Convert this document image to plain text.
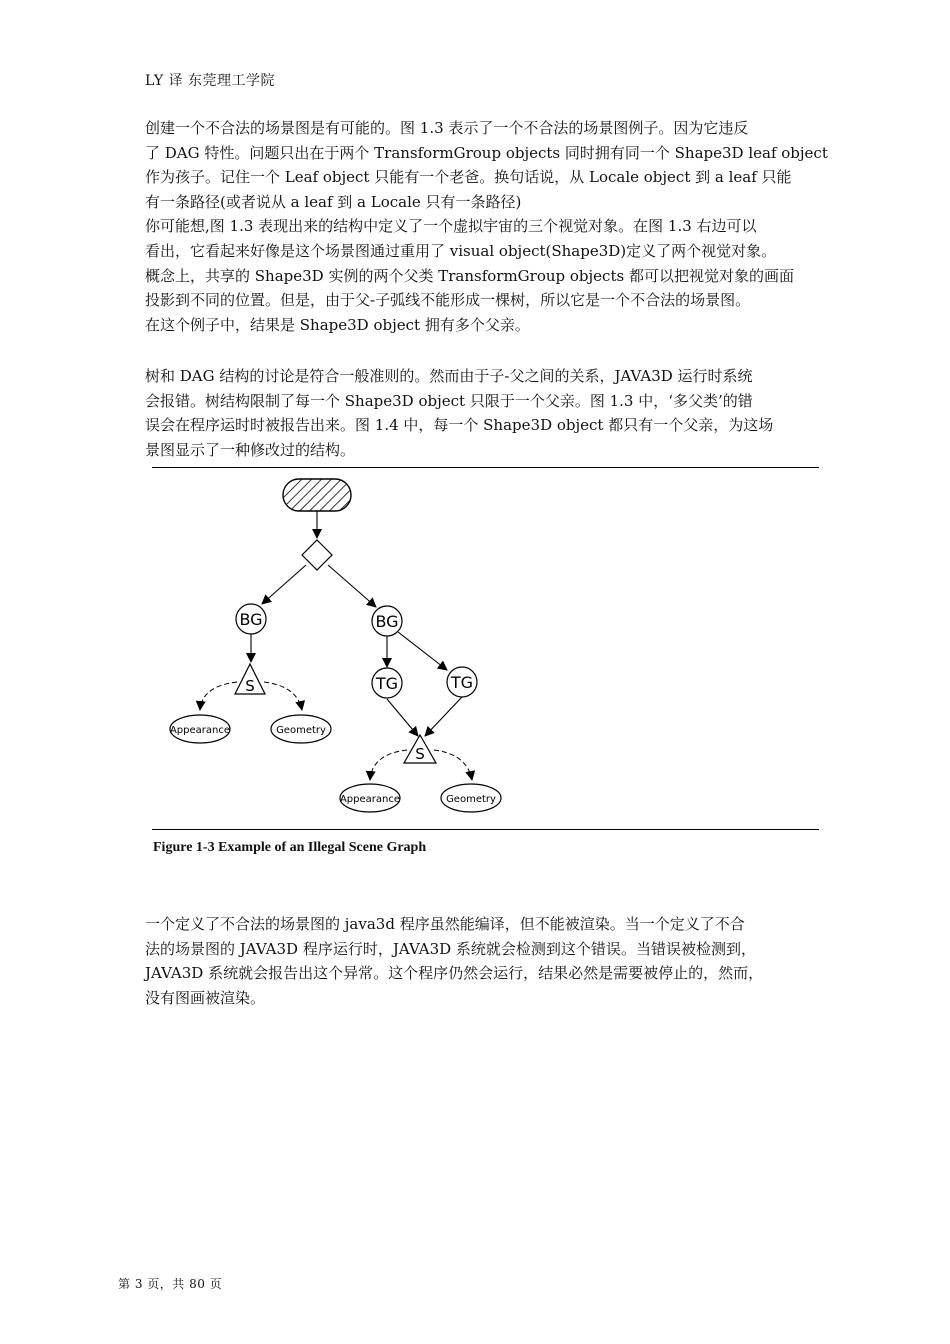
LY 译 东莞理工学院
创建一个不合法的场景图是有可能的。图 1.3 表示了一个不合法的场景图例子。因为它违反
了 DAG 特性。问题只出在于两个 TransformGroup objects 同时拥有同一个 Shape3D leaf object
作为孩子。记住一个 Leaf object 只能有一个老爸。换句话说，从 Locale object 到 a leaf 只能
有一条路径(或者说从 a leaf 到 a Locale 只有一条路径)
你可能想,图 1.3 表现出来的结构中定义了一个虚拟宇宙的三个视觉对象。在图 1.3 右边可以
看出，它看起来好像是这个场景图通过重用了 visual object(Shape3D)定义了两个视觉对象。
概念上，共享的 Shape3D 实例的两个父类 TransformGroup objects 都可以把视觉对象的画面
投影到不同的位置。但是，由于父-子弧线不能形成一棵树，所以它是一个不合法的场景图。
在这个例子中，结果是 Shape3D object 拥有多个父亲。
树和 DAG 结构的讨论是符合一般准则的。然而由于子-父之间的关系，JAVA3D 运行时系统
会报错。树结构限制了每一个 Shape3D object 只限于一个父亲。图 1.3 中，‘多父类’的错
误会在程序运时时被报告出来。图 1.4 中，每一个 Shape3D object 都只有一个父亲，为这场
景图显示了一种修改过的结构。
BG	BG
TG	TG
S
S
Appearance	Geometry
Appearance	Geometry
Figure 1-3 Example of an Illegal Scene Graph
一个定义了不合法的场景图的 java3d 程序虽然能编译，但不能被渲染。当一个定义了不合
法的场景图的 JAVA3D 程序运行时，JAVA3D 系统就会检测到这个错误。当错误被检测到，
JAVA3D 系统就会报告出这个异常。这个程序仍然会运行，结果必然是需要被停止的，然而，
没有图画被渲染。
第 3 页，共 80 页
